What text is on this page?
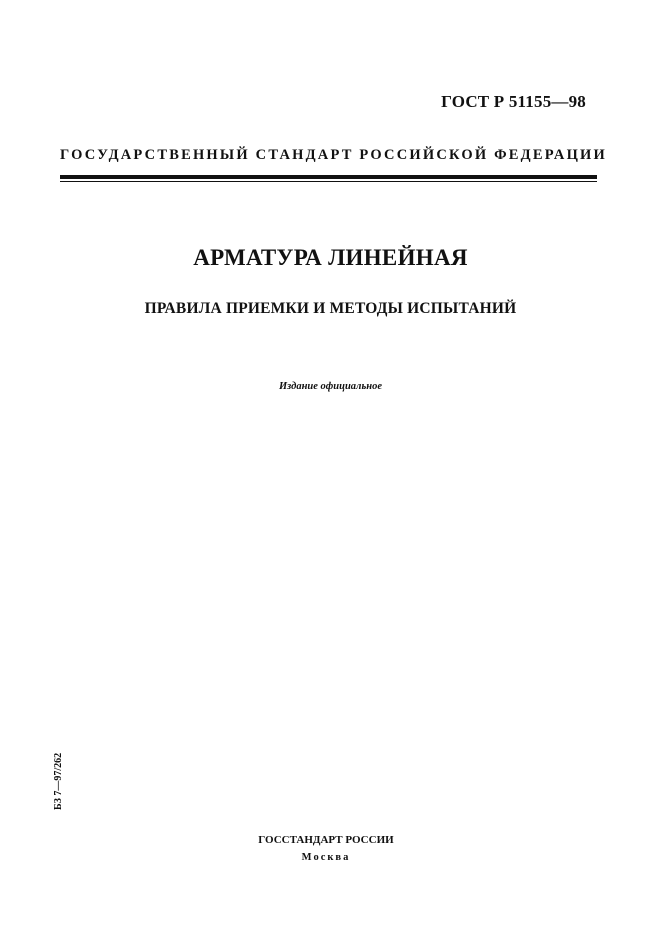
ГОСТ Р 51155—98
ГОСУДАРСТВЕННЫЙ СТАНДАРТ РОССИЙСКОЙ ФЕДЕРАЦИИ
АРМАТУРА ЛИНЕЙНАЯ
ПРАВИЛА ПРИЕМКИ И МЕТОДЫ ИСПЫТАНИЙ
Издание официальное
БЗ 7—97/262
ГОССТАНДАРТ РОССИИ
Москва
